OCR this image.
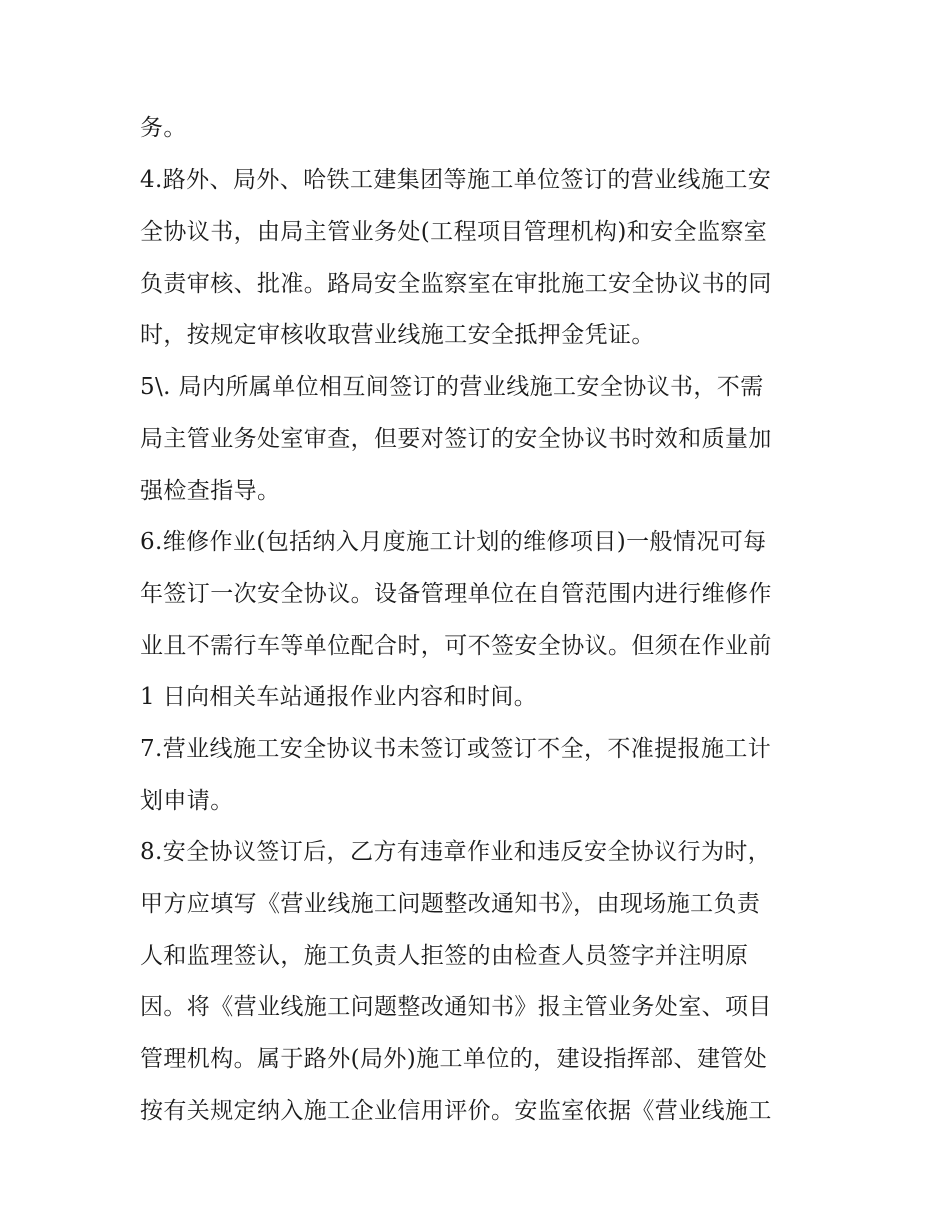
务。
4.路外、局外、哈铁工建集团等施工单位签订的营业线施工安
全协议书，由局主管业务处(工程项目管理机构)和安全监察室
负责审核、批准。路局安全监察室在审批施工安全协议书的同
时，按规定审核收取营业线施工安全抵押金凭证。
5\. 局内所属单位相互间签订的营业线施工安全协议书，不需
局主管业务处室审查，但要对签订的安全协议书时效和质量加
强检查指导。
6.维修作业(包括纳入月度施工计划的维修项目)一般情况可每
年签订一次安全协议。设备管理单位在自管范围内进行维修作
业且不需行车等单位配合时，可不签安全协议。但须在作业前
1 日向相关车站通报作业内容和时间。
7.营业线施工安全协议书未签订或签订不全，不准提报施工计
划申请。
8.安全协议签订后，乙方有违章作业和违反安全协议行为时，
甲方应填写《营业线施工问题整改通知书》，由现场施工负责
人和监理签认，施工负责人拒签的由检查人员签字并注明原
因。将《营业线施工问题整改通知书》报主管业务处室、项目
管理机构。属于路外(局外)施工单位的，建设指挥部、建管处
按有关规定纳入施工企业信用评价。安监室依据《营业线施工
